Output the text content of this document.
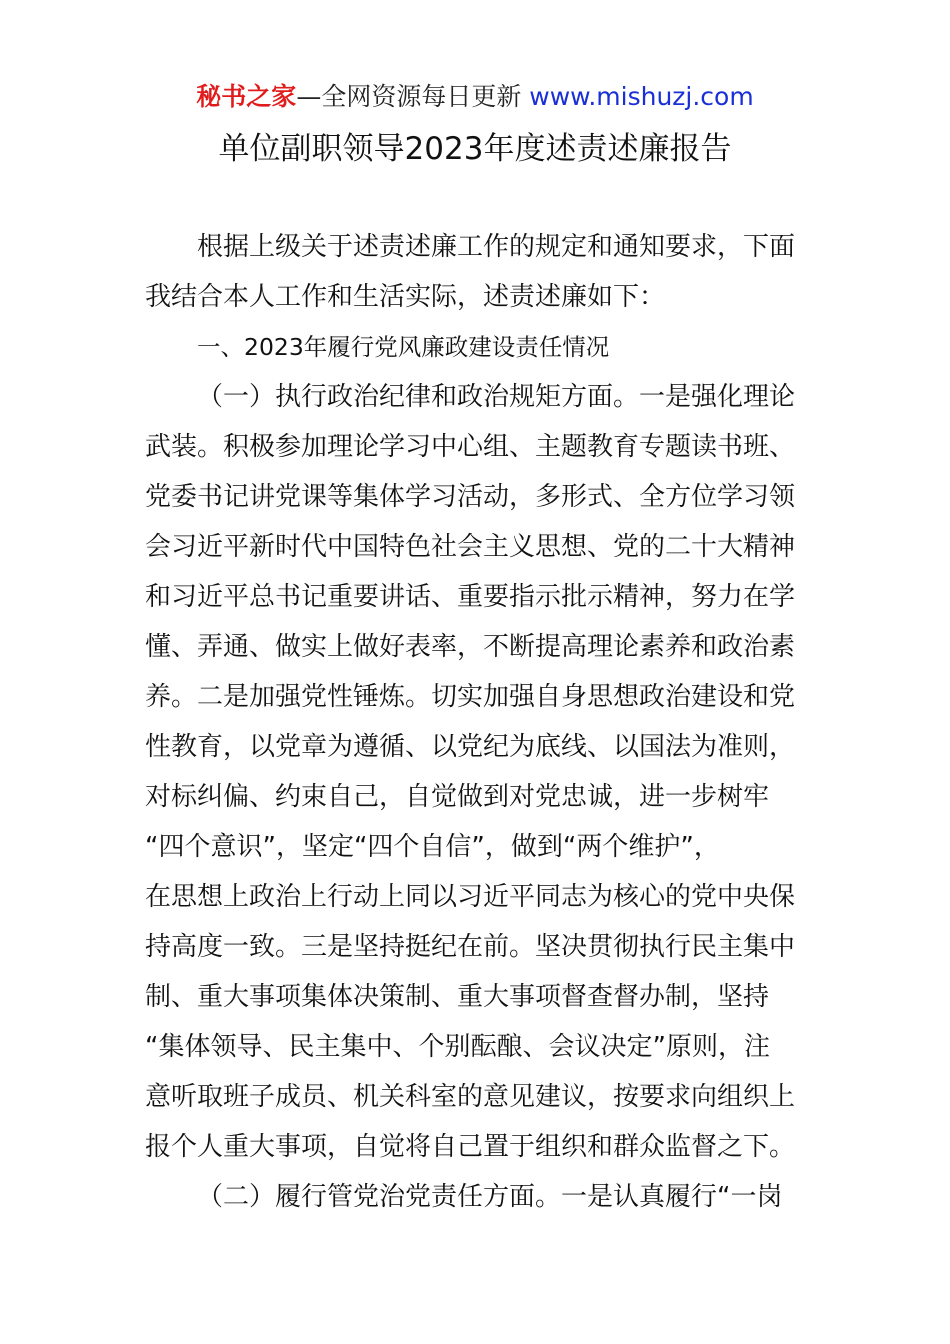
秘书之家—全网资源每日更新 www.mishuzj.com
单位副职领导2023年度述责述廉报告
根据上级关于述责述廉工作的规定和通知要求，下面
我结合本人工作和生活实际，述责述廉如下：
一、2023年履行党风廉政建设责任情况
（一）执行政治纪律和政治规矩方面。一是强化理论
武装。积极参加理论学习中心组、主题教育专题读书班、
党委书记讲党课等集体学习活动，多形式、全方位学习领
会习近平新时代中国特色社会主义思想、党的二十大精神
和习近平总书记重要讲话、重要指示批示精神，努力在学
懂、弄通、做实上做好表率，不断提高理论素养和政治素
养。二是加强党性锤炼。切实加强自身思想政治建设和党
性教育，以党章为遵循、以党纪为底线、以国法为准则，
对标纠偏、约束自己，自觉做到对党忠诚，进一步树牢
“四个意识”，坚定“四个自信”，做到“两个维护”，
在思想上政治上行动上同以习近平同志为核心的党中央保
持高度一致。三是坚持挺纪在前。坚决贯彻执行民主集中
制、重大事项集体决策制、重大事项督查督办制，坚持
“集体领导、民主集中、个别酝酿、会议决定”原则，注
意听取班子成员、机关科室的意见建议，按要求向组织上
报个人重大事项，自觉将自己置于组织和群众监督之下。
（二）履行管党治党责任方面。一是认真履行“一岗
